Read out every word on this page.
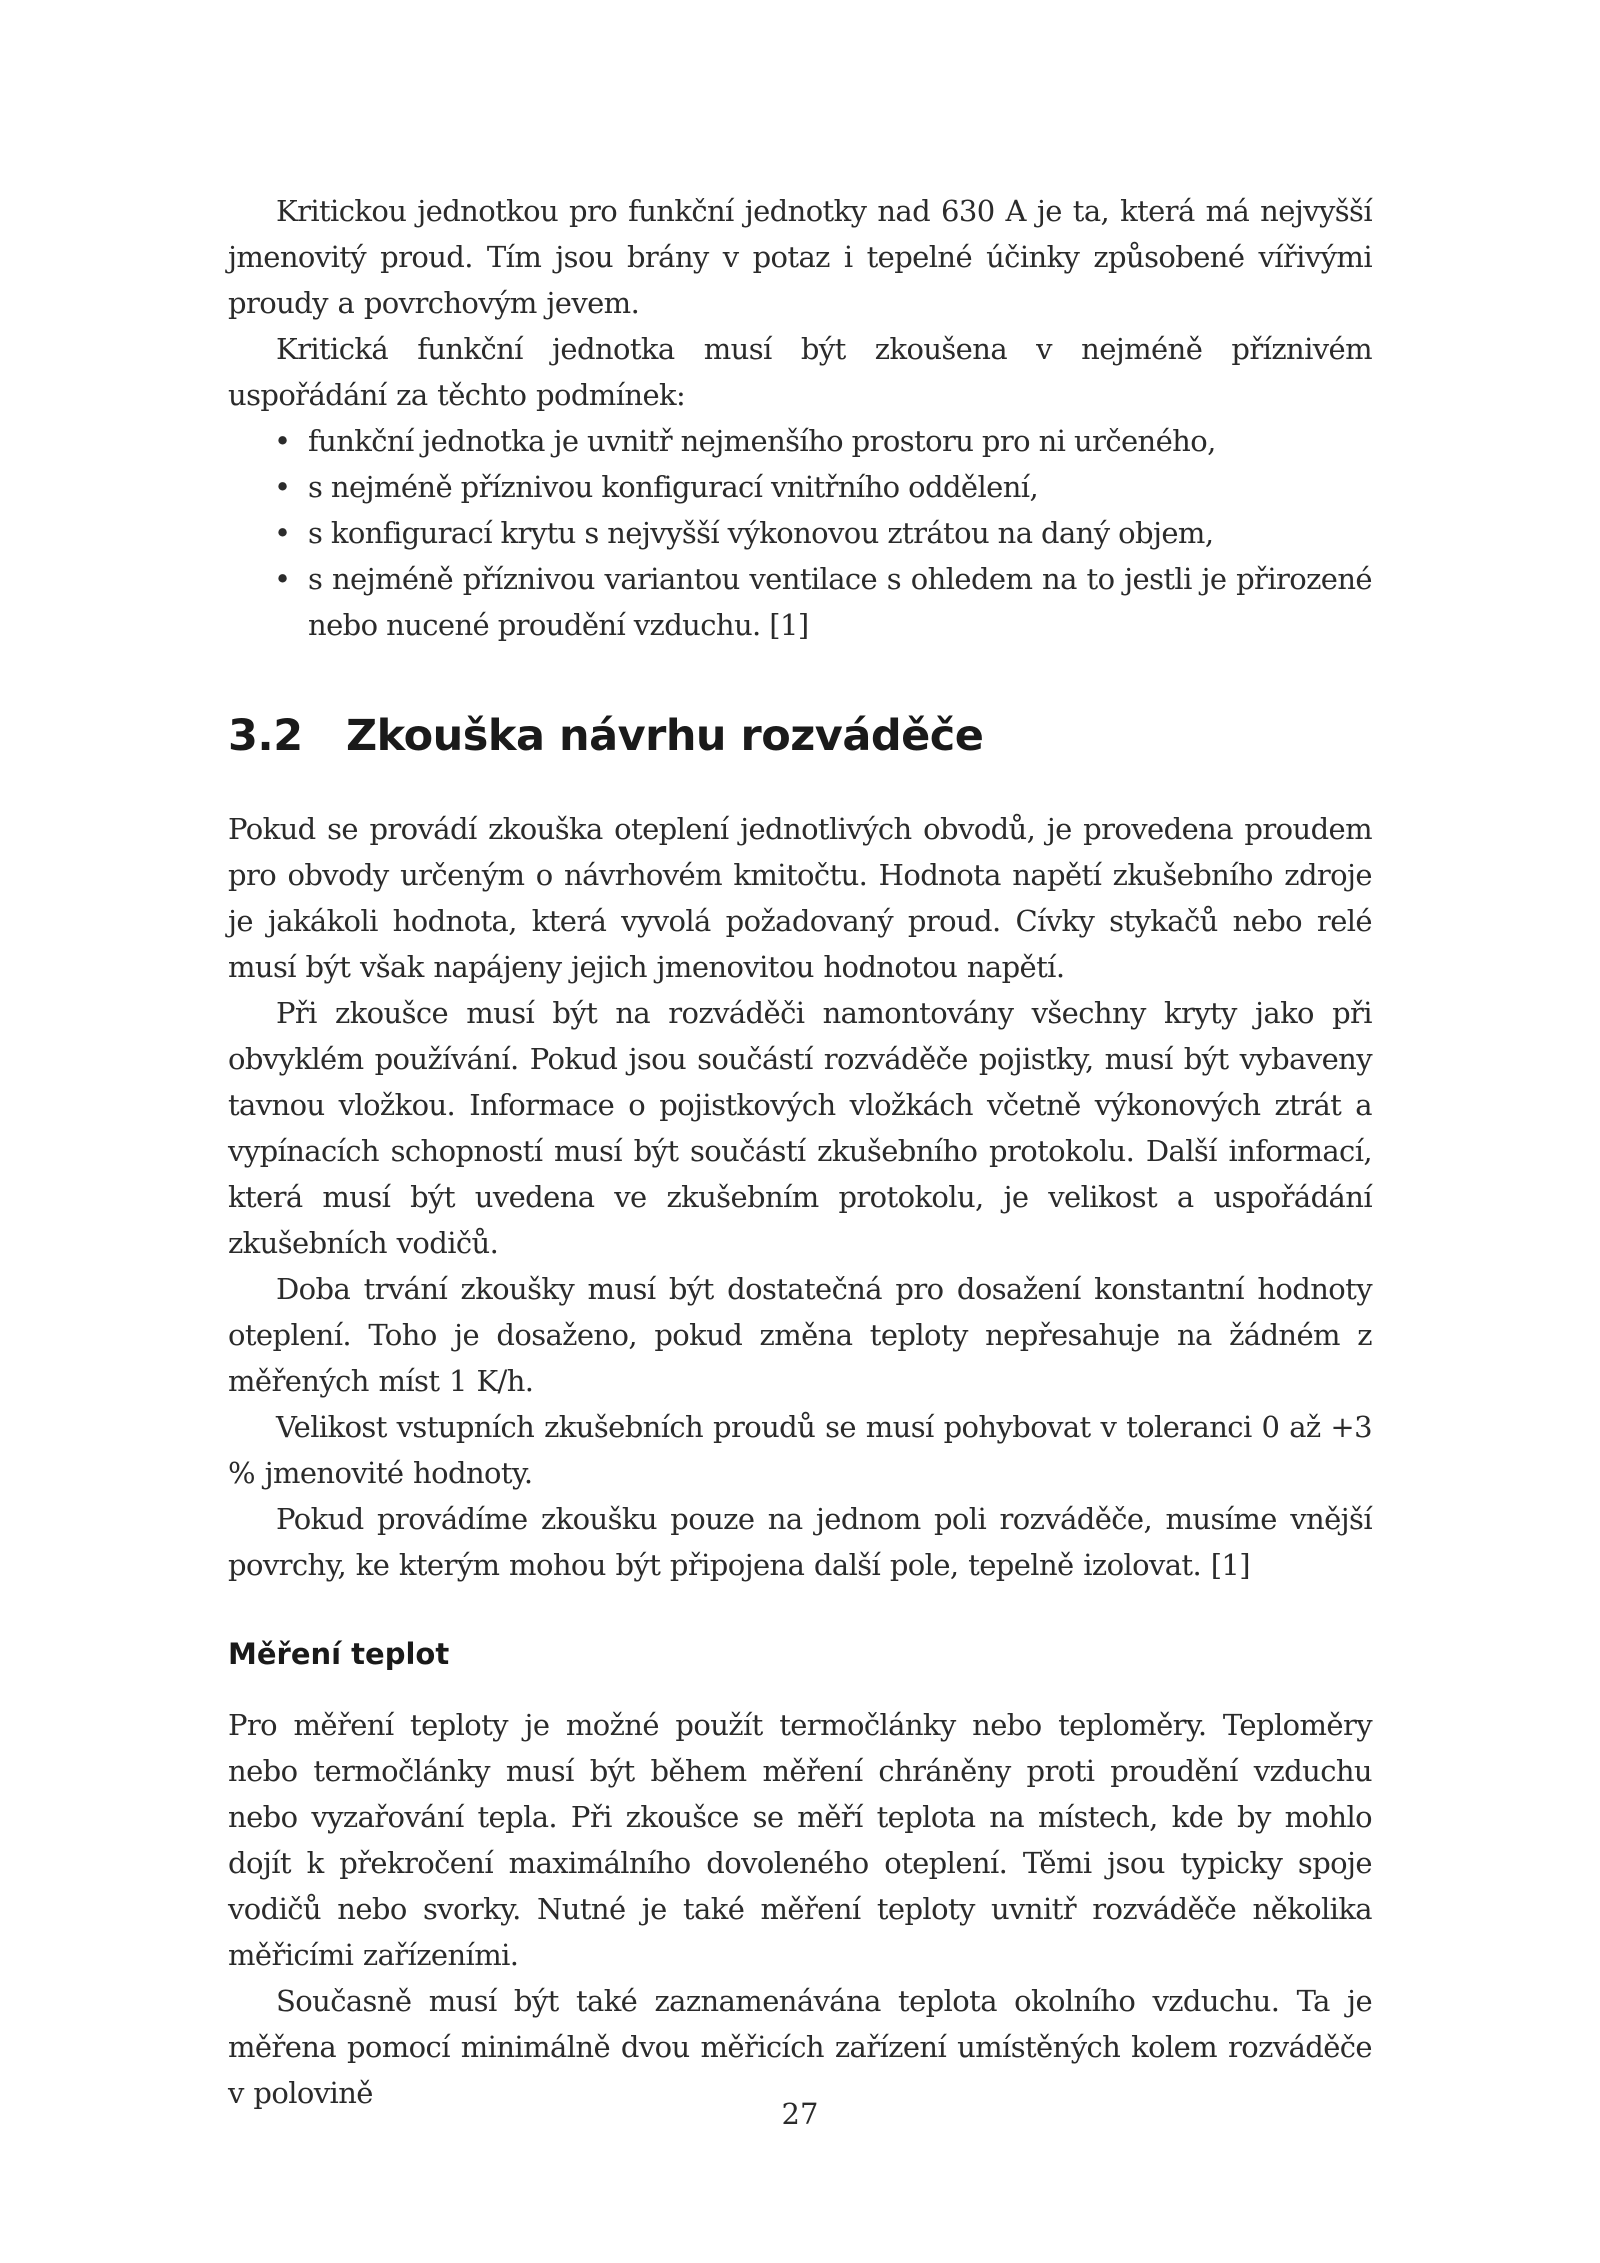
Kritickou jednotkou pro funkční jednotky nad 630 A je ta, která má nejvyšší jmenovitý proud. Tím jsou brány v potaz i tepelné účinky způsobené vířivými proudy a povrchovým jevem.

Kritická funkční jednotka musí být zkoušena v nejméně příznivém uspořádání za těchto podmínek:

• funkční jednotka je uvnitř nejmenšího prostoru pro ni určeného,
• s nejméně příznivou konfigurací vnitřního oddělení,
• s konfigurací krytu s nejvyšší výkonovou ztrátou na daný objem,
• s nejméně příznivou variantou ventilace s ohledem na to jestli je přirozené nebo nucené proudění vzduchu. [1]
3.2 Zkouška návrhu rozváděče

Pokud se provádí zkouška oteplení jednotlivých obvodů, je provedena proudem pro obvody určeným o návrhovém kmitočtu. Hodnota napětí zkušebního zdroje je jakákoli hodnota, která vyvolá požadovaný proud. Cívky stykačů nebo relé musí být však napájeny jejich jmenovitou hodnotou napětí.

Při zkoušce musí být na rozváděči namontovány všechny kryty jako při obvyklém používání. Pokud jsou součástí rozváděče pojistky, musí být vybaveny tavnou vložkou. Informace o pojistkových vložkách včetně výkonových ztrát a vypínacích schopností musí být součástí zkušebního protokolu. Další informací, která musí být uvedena ve zkušebním protokolu, je velikost a uspořádání zkušebních vodičů.

Doba trvání zkoušky musí být dostatečná pro dosažení konstantní hodnoty oteplení. Toho je dosaženo, pokud změna teploty nepřesahuje na žádném z měřených míst 1 K/h.

Velikost vstupních zkušebních proudů se musí pohybovat v toleranci 0 až +3 % jmenovité hodnoty.

Pokud provádíme zkoušku pouze na jednom poli rozváděče, musíme vnější povrchy, ke kterým mohou být připojena další pole, tepelně izolovat. [1]

Měření teplot

Pro měření teploty je možné použít termočlánky nebo teploměry. Teploměry nebo termočlánky musí být během měření chráněny proti proudění vzduchu nebo vyzařování tepla. Při zkoušce se měří teplota na místech, kde by mohlo dojít k překročení maximálního dovoleného oteplení. Těmi jsou typicky spoje vodičů nebo svorky. Nutné je také měření teploty uvnitř rozváděče několika měřicími zařízeními.

Současně musí být také zaznamenávána teplota okolního vzduchu. Ta je měřena pomocí minimálně dvou měřicích zařízení umístěných kolem rozváděče v polovině

27
